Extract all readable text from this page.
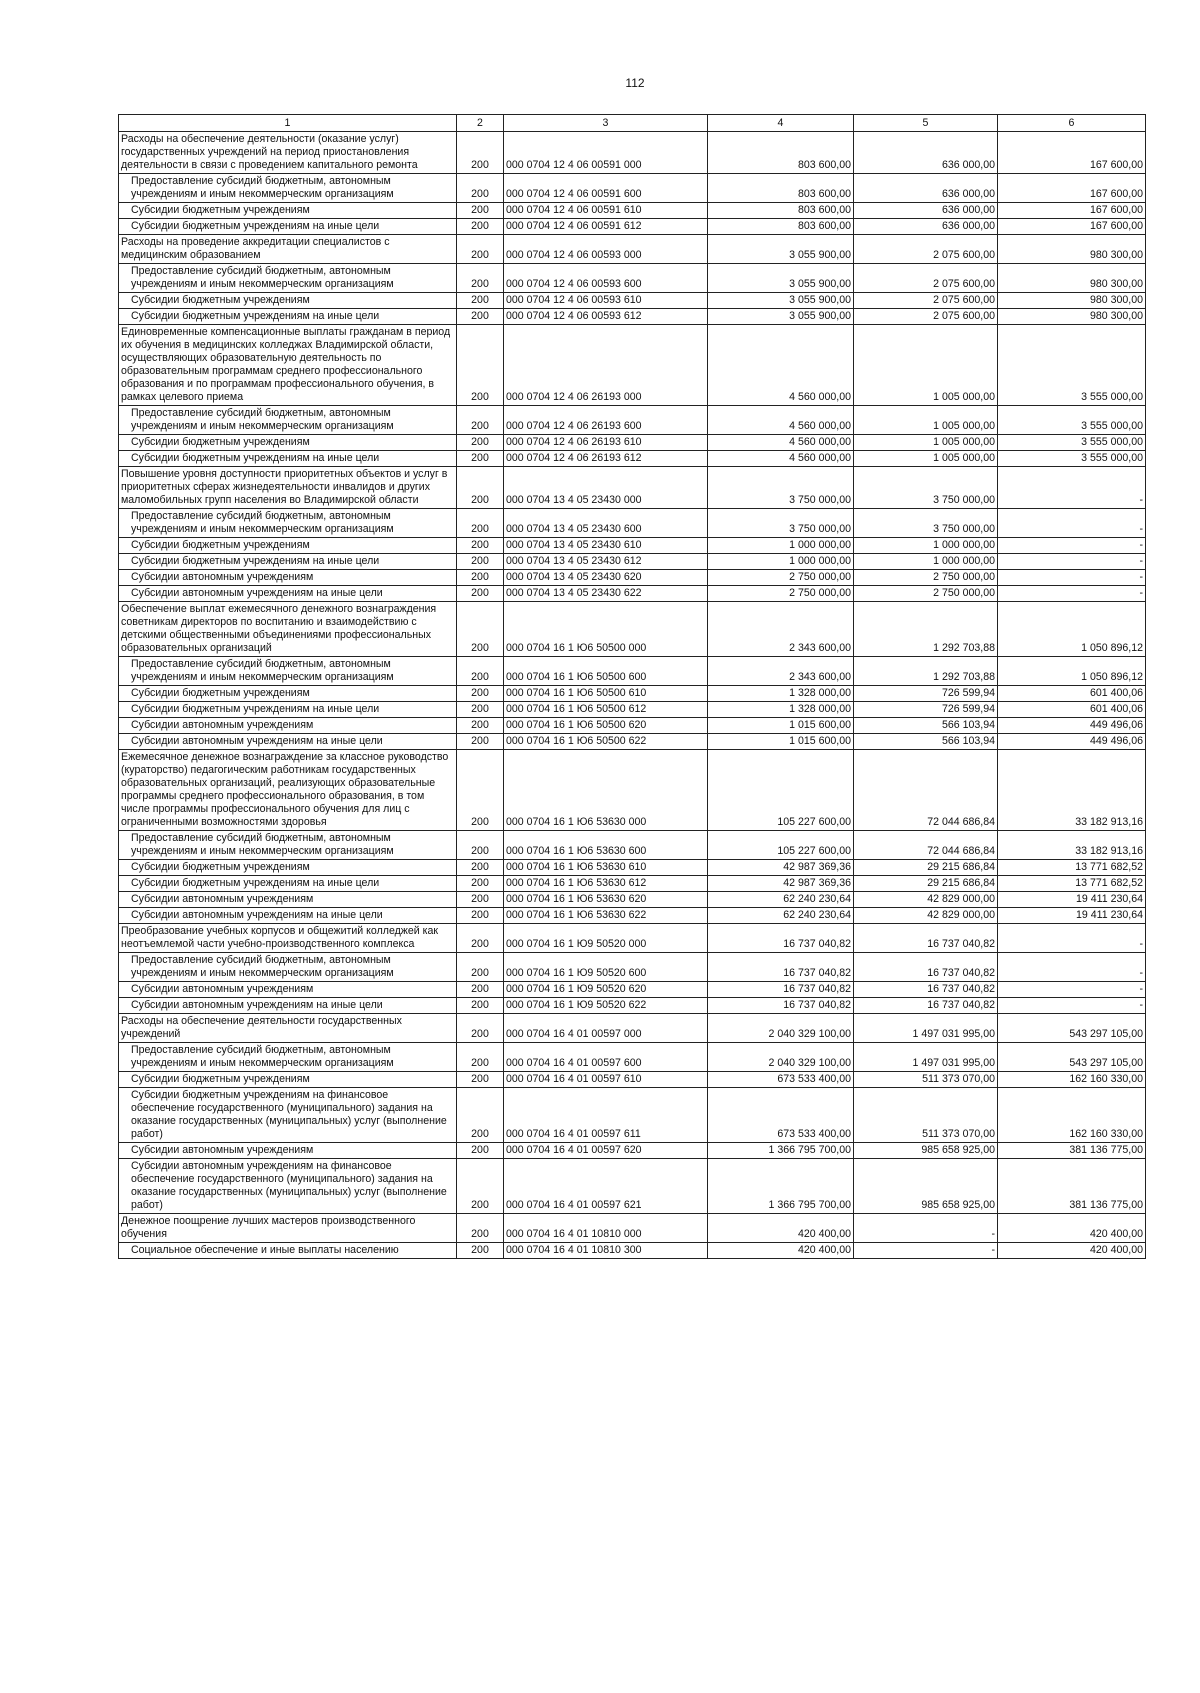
112
1	2	3	4	5	6
Расходы на обеспечение деятельности (оказание услуг) государственных учреждений на период приостановления деятельности в связи с проведением капитального ремонта	200	000 0704 12 4 06 00591 000	803 600,00	636 000,00	167 600,00
Предоставление субсидий бюджетным, автономным учреждениям и иным некоммерческим организациям	200	000 0704 12 4 06 00591 600	803 600,00	636 000,00	167 600,00
Субсидии бюджетным учреждениям	200	000 0704 12 4 06 00591 610	803 600,00	636 000,00	167 600,00
Субсидии бюджетным учреждениям на иные цели	200	000 0704 12 4 06 00591 612	803 600,00	636 000,00	167 600,00
Расходы на проведение аккредитации специалистов с медицинским образованием	200	000 0704 12 4 06 00593 000	3 055 900,00	2 075 600,00	980 300,00
Предоставление субсидий бюджетным, автономным учреждениям и иным некоммерческим организациям	200	000 0704 12 4 06 00593 600	3 055 900,00	2 075 600,00	980 300,00
Субсидии бюджетным учреждениям	200	000 0704 12 4 06 00593 610	3 055 900,00	2 075 600,00	980 300,00
Субсидии бюджетным учреждениям на иные цели	200	000 0704 12 4 06 00593 612	3 055 900,00	2 075 600,00	980 300,00
Единовременные компенсационные выплаты гражданам в период их обучения в медицинских колледжах Владимирской области, осуществляющих образовательную деятельность по образовательным программам среднего профессионального образования и по программам профессионального обучения, в рамках целевого приема	200	000 0704 12 4 06 26193 000	4 560 000,00	1 005 000,00	3 555 000,00
Предоставление субсидий бюджетным, автономным учреждениям и иным некоммерческим организациям	200	000 0704 12 4 06 26193 600	4 560 000,00	1 005 000,00	3 555 000,00
Субсидии бюджетным учреждениям	200	000 0704 12 4 06 26193 610	4 560 000,00	1 005 000,00	3 555 000,00
Субсидии бюджетным учреждениям на иные цели	200	000 0704 12 4 06 26193 612	4 560 000,00	1 005 000,00	3 555 000,00
Повышение уровня доступности приоритетных объектов и услуг в приоритетных сферах жизнедеятельности инвалидов и других маломобильных групп населения во Владимирской области	200	000 0704 13 4 05 23430 000	3 750 000,00	3 750 000,00	-
Предоставление субсидий бюджетным, автономным учреждениям и иным некоммерческим организациям	200	000 0704 13 4 05 23430 600	3 750 000,00	3 750 000,00	-
Субсидии бюджетным учреждениям	200	000 0704 13 4 05 23430 610	1 000 000,00	1 000 000,00	-
Субсидии бюджетным учреждениям на иные цели	200	000 0704 13 4 05 23430 612	1 000 000,00	1 000 000,00	-
Субсидии автономным учреждениям	200	000 0704 13 4 05 23430 620	2 750 000,00	2 750 000,00	-
Субсидии автономным учреждениям на иные цели	200	000 0704 13 4 05 23430 622	2 750 000,00	2 750 000,00	-
Обеспечение выплат ежемесячного денежного вознаграждения советникам директоров по воспитанию и взаимодействию с детскими общественными объединениями профессиональных образовательных организаций	200	000 0704 16 1 Ю6 50500 000	2 343 600,00	1 292 703,88	1 050 896,12
Предоставление субсидий бюджетным, автономным учреждениям и иным некоммерческим организациям	200	000 0704 16 1 Ю6 50500 600	2 343 600,00	1 292 703,88	1 050 896,12
Субсидии бюджетным учреждениям	200	000 0704 16 1 Ю6 50500 610	1 328 000,00	726 599,94	601 400,06
Субсидии бюджетным учреждениям на иные цели	200	000 0704 16 1 Ю6 50500 612	1 328 000,00	726 599,94	601 400,06
Субсидии автономным учреждениям	200	000 0704 16 1 Ю6 50500 620	1 015 600,00	566 103,94	449 496,06
Субсидии автономным учреждениям на иные цели	200	000 0704 16 1 Ю6 50500 622	1 015 600,00	566 103,94	449 496,06
Ежемесячное денежное вознаграждение за классное руководство (кураторство) педагогическим работникам государственных образовательных организаций, реализующих образовательные программы среднего профессионального образования, в том числе программы профессионального обучения для лиц с ограниченными возможностями здоровья	200	000 0704 16 1 Ю6 53630 000	105 227 600,00	72 044 686,84	33 182 913,16
Предоставление субсидий бюджетным, автономным учреждениям и иным некоммерческим организациям	200	000 0704 16 1 Ю6 53630 600	105 227 600,00	72 044 686,84	33 182 913,16
Субсидии бюджетным учреждениям	200	000 0704 16 1 Ю6 53630 610	42 987 369,36	29 215 686,84	13 771 682,52
Субсидии бюджетным учреждениям на иные цели	200	000 0704 16 1 Ю6 53630 612	42 987 369,36	29 215 686,84	13 771 682,52
Субсидии автономным учреждениям	200	000 0704 16 1 Ю6 53630 620	62 240 230,64	42 829 000,00	19 411 230,64
Субсидии автономным учреждениям на иные цели	200	000 0704 16 1 Ю6 53630 622	62 240 230,64	42 829 000,00	19 411 230,64
Преобразование учебных корпусов и общежитий колледжей как неотъемлемой части учебно-производственного комплекса	200	000 0704 16 1 Ю9 50520 000	16 737 040,82	16 737 040,82	-
Предоставление субсидий бюджетным, автономным учреждениям и иным некоммерческим организациям	200	000 0704 16 1 Ю9 50520 600	16 737 040,82	16 737 040,82	-
Субсидии автономным учреждениям	200	000 0704 16 1 Ю9 50520 620	16 737 040,82	16 737 040,82	-
Субсидии автономным учреждениям на иные цели	200	000 0704 16 1 Ю9 50520 622	16 737 040,82	16 737 040,82	-
Расходы на обеспечение деятельности государственных учреждений	200	000 0704 16 4 01 00597 000	2 040 329 100,00	1 497 031 995,00	543 297 105,00
Предоставление субсидий бюджетным, автономным учреждениям и иным некоммерческим организациям	200	000 0704 16 4 01 00597 600	2 040 329 100,00	1 497 031 995,00	543 297 105,00
Субсидии бюджетным учреждениям	200	000 0704 16 4 01 00597 610	673 533 400,00	511 373 070,00	162 160 330,00
Субсидии бюджетным учреждениям на финансовое обеспечение государственного (муниципального) задания на оказание государственных (муниципальных) услуг (выполнение работ)	200	000 0704 16 4 01 00597 611	673 533 400,00	511 373 070,00	162 160 330,00
Субсидии автономным учреждениям	200	000 0704 16 4 01 00597 620	1 366 795 700,00	985 658 925,00	381 136 775,00
Субсидии автономным учреждениям на финансовое обеспечение государственного (муниципального) задания на оказание государственных (муниципальных) услуг (выполнение работ)	200	000 0704 16 4 01 00597 621	1 366 795 700,00	985 658 925,00	381 136 775,00
Денежное поощрение лучших мастеров производственного обучения	200	000 0704 16 4 01 10810 000	420 400,00	-	420 400,00
Социальное обеспечение и иные выплаты населению	200	000 0704 16 4 01 10810 300	420 400,00	-	420 400,00
